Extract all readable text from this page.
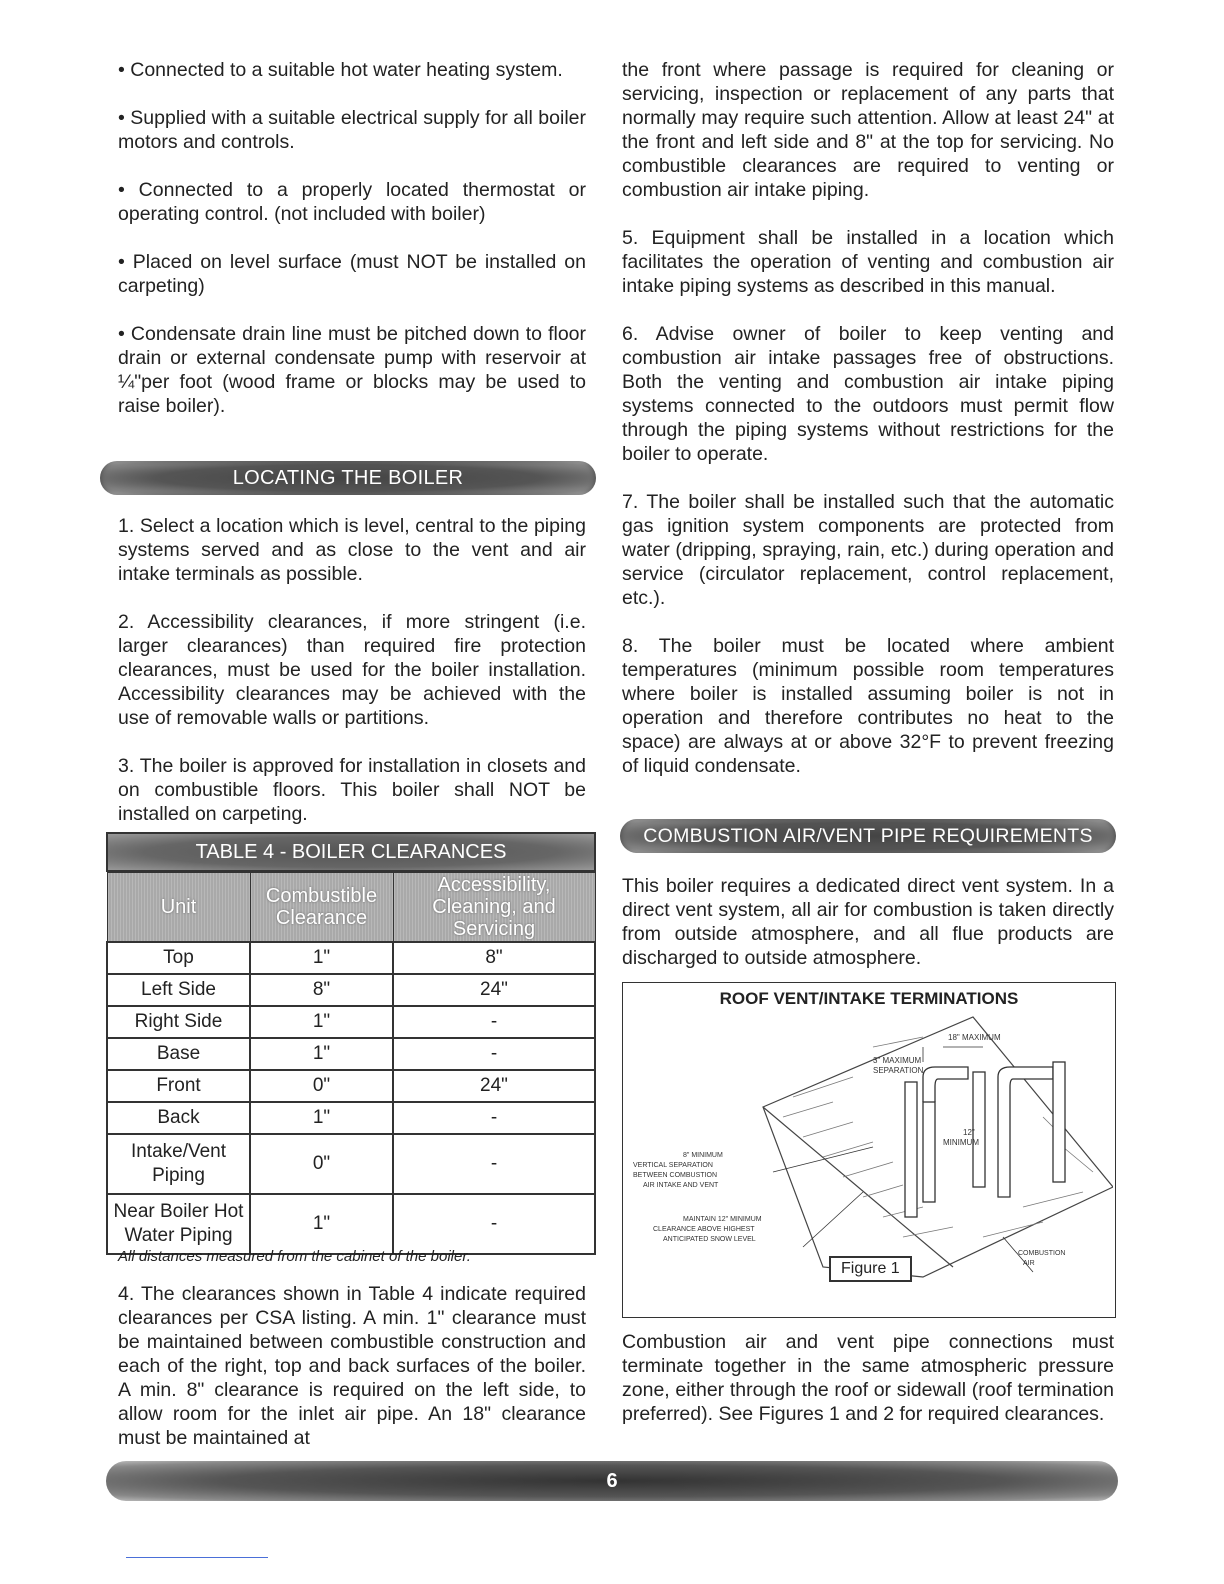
• Connected to a suitable hot water heating system.

• Supplied with a suitable electrical supply for all boiler motors and controls.

• Connected to a properly located thermostat or operating control. (not included with boiler)

• Placed on level surface (must NOT be installed on carpeting)

• Condensate drain line must be pitched down to floor drain or external condensate pump with reservoir at ¼"per foot (wood frame or blocks may be used to raise boiler).

LOCATING THE BOILER

1. Select a location which is level, central to the piping systems served and as close to the vent and air intake terminals as possible.

2. Accessibility clearances, if more stringent (i.e. larger clearances) than required fire protection clearances, must be used for the boiler installation. Accessibility clearances may be achieved with the use of removable walls or partitions.

3. The boiler is approved for installation in closets and on combustible floors. This boiler shall NOT be installed on carpeting.

TABLE 4 - BOILER CLEARANCES
Unit	Combustible Clearance	Accessibility, Cleaning, and Servicing
Top	1"	8"
Left Side	8"	24"
Right Side	1"	-
Base	1"	-
Front	0"	24"
Back	1"	-
Intake/Vent Piping	0"	-
Near Boiler Hot Water Piping	1"	-
All distances measured from the cabinet of the boiler.

4. The clearances shown in Table 4 indicate required clearances per CSA listing. A min. 1" clearance must be maintained between combustible construction and each of the right, top and back surfaces of the boiler. A min. 8" clearance is required on the left side, to allow room for the inlet air pipe. An 18" clearance must be maintained at

the front where passage is required for cleaning or servicing, inspection or replacement of any parts that normally may require such attention. Allow at least 24" at the front and left side and 8" at the top for servicing. No combustible clearances are required to venting or combustion air intake piping.

5. Equipment shall be installed in a location which facilitates the operation of venting and combustion air intake piping systems as described in this manual.

6. Advise owner of boiler to keep venting and combustion air intake passages free of obstructions. Both the venting and combustion air intake piping systems connected to the outdoors must permit flow through the piping systems without restrictions for the boiler to operate.

7. The boiler shall be installed such that the automatic gas ignition system components are protected from water (dripping, spraying, rain, etc.) during operation and service (circulator replacement, control replacement, etc.).

8. The boiler must be located where ambient temperatures (minimum possible room temperatures where boiler is installed assuming boiler is not in operation and therefore contributes no heat to the space) are always at or above 32°F to prevent freezing of liquid condensate.

COMBUSTION AIR/VENT PIPE REQUIREMENTS

This boiler requires a dedicated direct vent system. In a direct vent system, all air for combustion is taken directly from outside atmosphere, and all flue products are discharged to outside atmosphere.

ROOF VENT/INTAKE TERMINATIONS
18" MAXIMUM
3" MAXIMUM
SEPARATION
12"
MINIMUM
8" MINIMUM
VERTICAL SEPARATION
BETWEEN COMBUSTION
AIR INTAKE AND VENT
MAINTAIN 12" MINIMUM
CLEARANCE ABOVE HIGHEST
ANTICIPATED SNOW LEVEL
COMBUSTION
AIR
Figure 1

Combustion air and vent pipe connections must terminate together in the same atmospheric pressure zone, either through the roof or sidewall (roof termination preferred). See Figures 1 and 2 for required clearances.

6
